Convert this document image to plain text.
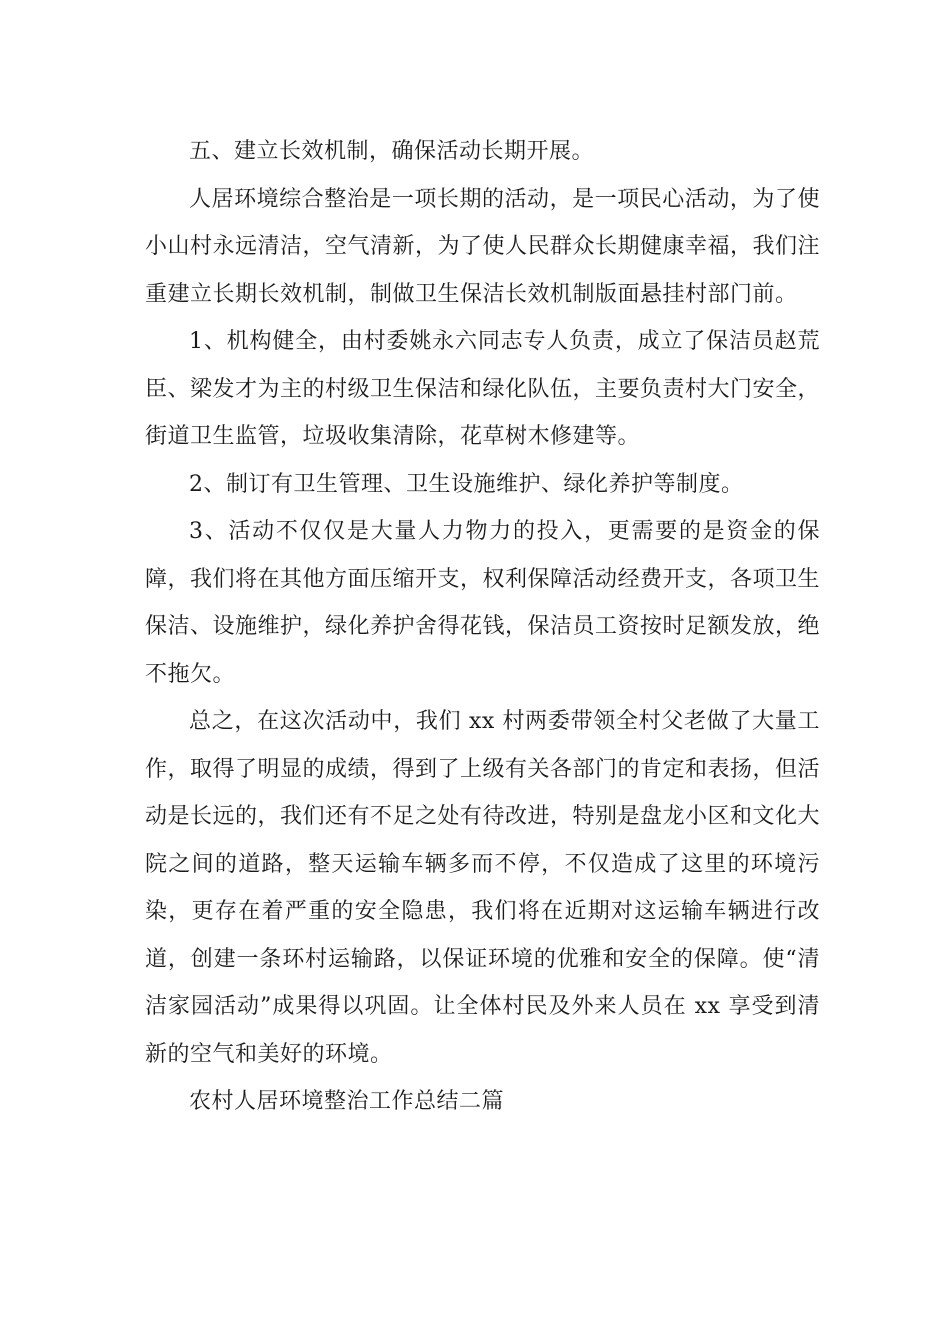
五、建立长效机制，确保活动长期开展。

人居环境综合整治是一项长期的活动，是一项民心活动，为了使小山村永远清洁，空气清新，为了使人民群众长期健康幸福，我们注重建立长期长效机制，制做卫生保洁长效机制版面悬挂村部门前。

1、机构健全，由村委姚永六同志专人负责，成立了保洁员赵荒臣、梁发才为主的村级卫生保洁和绿化队伍，主要负责村大门安全，街道卫生监管，垃圾收集清除，花草树木修建等。

2、制订有卫生管理、卫生设施维护、绿化养护等制度。

3、活动不仅仅是大量人力物力的投入，更需要的是资金的保障，我们将在其他方面压缩开支，权利保障活动经费开支，各项卫生保洁、设施维护，绿化养护舍得花钱，保洁员工资按时足额发放，绝不拖欠。

总之，在这次活动中，我们 xx 村两委带领全村父老做了大量工作，取得了明显的成绩，得到了上级有关各部门的肯定和表扬，但活动是长远的，我们还有不足之处有待改进，特别是盘龙小区和文化大院之间的道路，整天运输车辆多而不停，不仅造成了这里的环境污染，更存在着严重的安全隐患，我们将在近期对这运输车辆进行改道，创建一条环村运输路，以保证环境的优雅和安全的保障。使“清洁家园活动”成果得以巩固。让全体村民及外来人员在 xx 享受到清新的空气和美好的环境。

农村人居环境整治工作总结二篇
